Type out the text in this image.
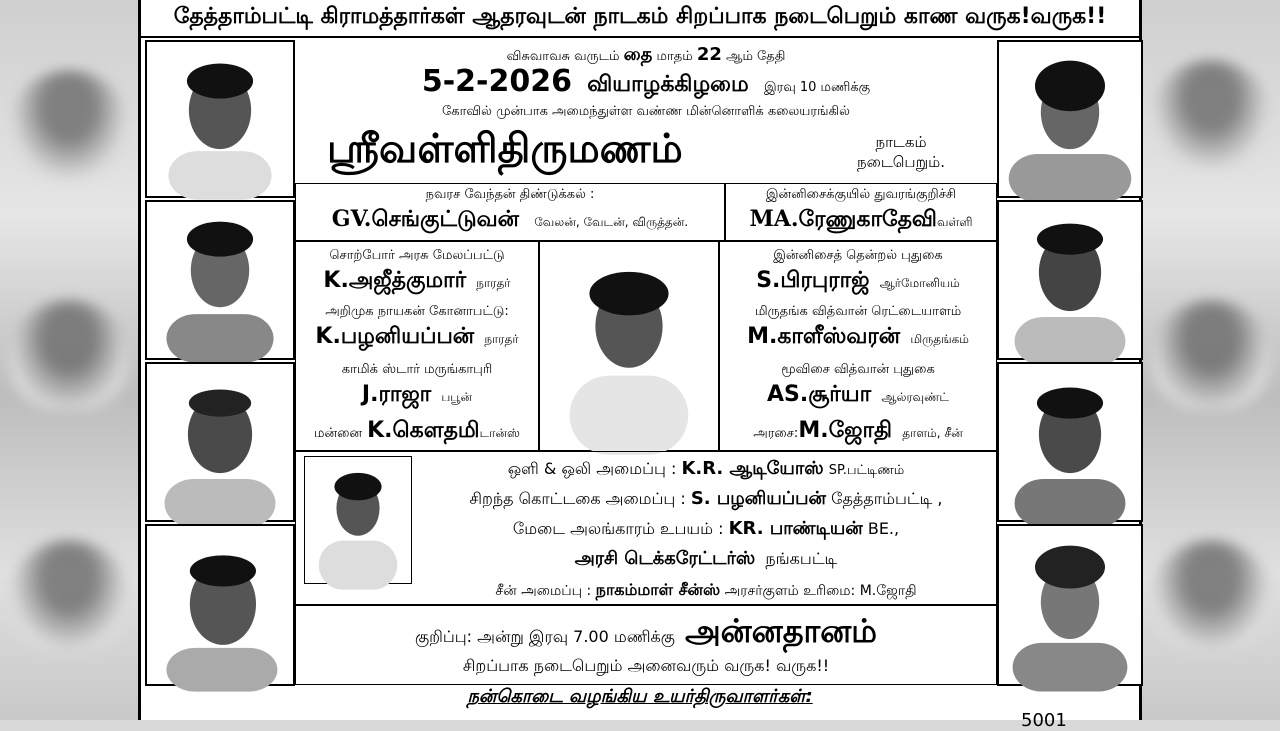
தேத்தாம்பட்டி கிராமத்தார்கள் ஆதரவுடன் நாடகம் சிறப்பாக நடைபெறும் காண வருக!வருக!!
விசுவாவசு வருடம் தை மாதம் 22 ஆம் தேதி
5-2-2026 வியாழக்கிழமை இரவு 10 மணிக்கு
கோவில் முன்பாக அமைந்துள்ள வண்ண மின்னொளிக் கலையரங்கில்
ஸ்ரீவள்ளிதிருமணம்	நாடகம்
நடைபெறும்.
நவரச வேந்தன் திண்டுக்கல் :
GV.செங்குட்டுவன் வேலன், வேடன், விருத்தன்.
இன்னிசைக்குயில் துவரங்குறிச்சி
MA.ரேணுகாதேவிவள்ளி
சொற்போர் அரசு மேலப்பட்டு
K.அஜீத்குமார் நாரதர்
அறிமுக நாயகன் கோனாபட்டு:
K.பழனியப்பன் நாரதர்
காமிக் ஸ்டார் மருங்காபுரி
J.ராஜா பபூன்
மன்னை K.கௌதமிடான்ஸ்
இன்னிசைத் தென்றல் புதுகை
S.பிரபுராஜ் ஆர்மோனியம்
மிருதங்க வித்வான் ரெட்டையாளம்
M.காளீஸ்வரன் மிருதங்கம்
மூவிசை வித்வான் புதுகை
AS.சூர்யா ஆல்ரவுண்ட்
அரசை:M.ஜோதி தாளம், சீன்
ஒளி & ஒலி அமைப்பு : K.R. ஆடியோஸ் SP.பட்டிணம்
சிறந்த கொட்டகை அமைப்பு : S. பழனியப்பன் தேத்தாம்பட்டி ,
மேடை அலங்காரம் உபயம் : KR. பாண்டியன் BE.,
அரசி டெக்கரேட்டர்ஸ் நங்கபட்டி
சீன் அமைப்பு : நாகம்மாள் சீன்ஸ் அரசர்குளம் உரிமை: M.ஜோதி
குறிப்பு: அன்று இரவு 7.00 மணிக்கு அன்னதானம்
சிறப்பாக நடைபெறும் அனைவரும் வருக! வருக!!
நன்கொடை வழங்கிய உயர்திருவாளர்கள்:
5001
